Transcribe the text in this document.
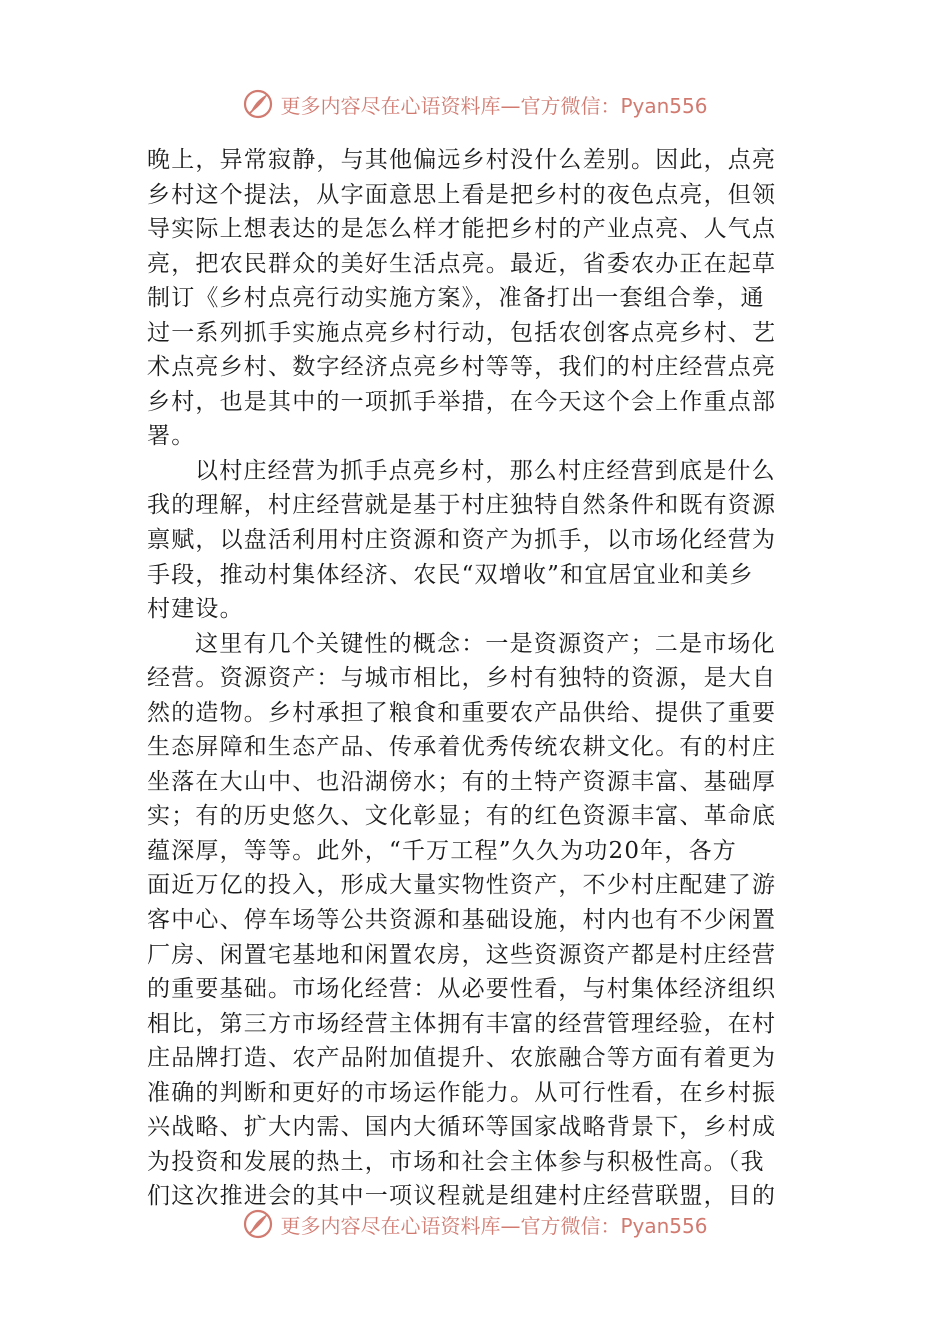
更多内容尽在心语资料库—官方微信：Pyan556

晚上，异常寂静，与其他偏远乡村没什么差别。因此，点亮
乡村这个提法，从字面意思上看是把乡村的夜色点亮，但领
导实际上想表达的是怎么样才能把乡村的产业点亮、人气点
亮，把农民群众的美好生活点亮。最近，省委农办正在起草
制订《乡村点亮行动实施方案》，准备打出一套组合拳，通
过一系列抓手实施点亮乡村行动，包括农创客点亮乡村、艺
术点亮乡村、数字经济点亮乡村等等，我们的村庄经营点亮
乡村，也是其中的一项抓手举措，在今天这个会上作重点部
署。

以村庄经营为抓手点亮乡村，那么村庄经营到底是什么
我的理解，村庄经营就是基于村庄独特自然条件和既有资源
禀赋，以盘活利用村庄资源和资产为抓手，以市场化经营为
手段，推动村集体经济、农民“双增收”和宜居宜业和美乡
村建设。

这里有几个关键性的概念：一是资源资产；二是市场化
经营。资源资产：与城市相比，乡村有独特的资源，是大自
然的造物。乡村承担了粮食和重要农产品供给、提供了重要
生态屏障和生态产品、传承着优秀传统农耕文化。有的村庄
坐落在大山中、也沿湖傍水；有的土特产资源丰富、基础厚
实；有的历史悠久、文化彰显；有的红色资源丰富、革命底
蕴深厚，等等。此外，“千万工程”久久为功20年，各方
面近万亿的投入，形成大量实物性资产，不少村庄配建了游
客中心、停车场等公共资源和基础设施，村内也有不少闲置
厂房、闲置宅基地和闲置农房，这些资源资产都是村庄经营
的重要基础。市场化经营：从必要性看，与村集体经济组织
相比，第三方市场经营主体拥有丰富的经营管理经验，在村
庄品牌打造、农产品附加值提升、农旅融合等方面有着更为
准确的判断和更好的市场运作能力。从可行性看，在乡村振
兴战略、扩大内需、国内大循环等国家战略背景下，乡村成
为投资和发展的热土，市场和社会主体参与积极性高。（我
们这次推进会的其中一项议程就是组建村庄经营联盟，目的

更多内容尽在心语资料库—官方微信：Pyan556
